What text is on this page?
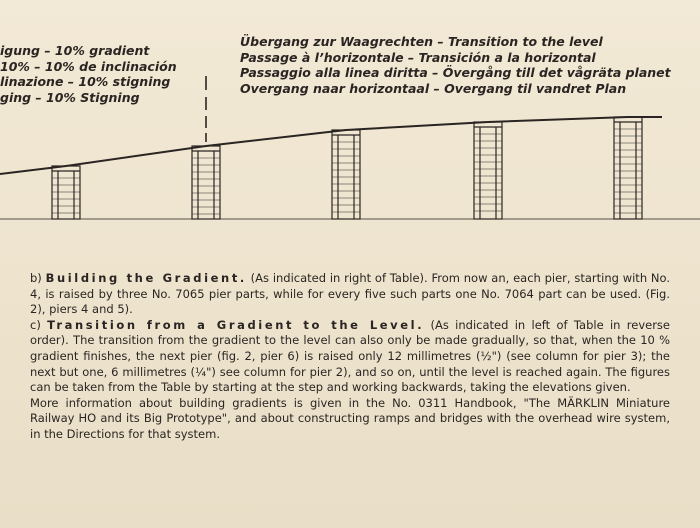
igung – 10% gradient
10% – 10% de inclinación
linazione – 10% stigning
ging – 10% Stigning
Übergang zur Waagrechten – Transition to the level
Passage à l’horizontale – Transición a la horizontal
Passaggio alla linea diritta – Övergång till det vågräta planet
Overgang naar horizontaal – Overgang til vandret Plan

b) Building the Gradient. (As indicated in right of Table). From now an, each pier, starting with No. 4, is raised by three No. 7065 pier parts, while for every five such parts one No. 7064 part can be used. (Fig. 2), piers 4 and 5).

c) Transition from a Gradient to the Level. (As indicated in left of Table in reverse order). The transition from the gradient to the level can also only be made gradually, so that, when the 10 % gradient finishes, the next pier (fig. 2, pier 6) is raised only 12 millimetres (½") (see column for pier 3); the next but one, 6 millimetres (¼") see column for pier 2), and so on, until the level is reached again. The figures can be taken from the Table by starting at the step and working backwards, taking the elevations given.

More information about building gradients is given in the No. 0311 Handbook, "The MÄRKLIN Miniature Railway HO and its Big Prototype", and about constructing ramps and bridges with the overhead wire system, in the Directions for that system.
